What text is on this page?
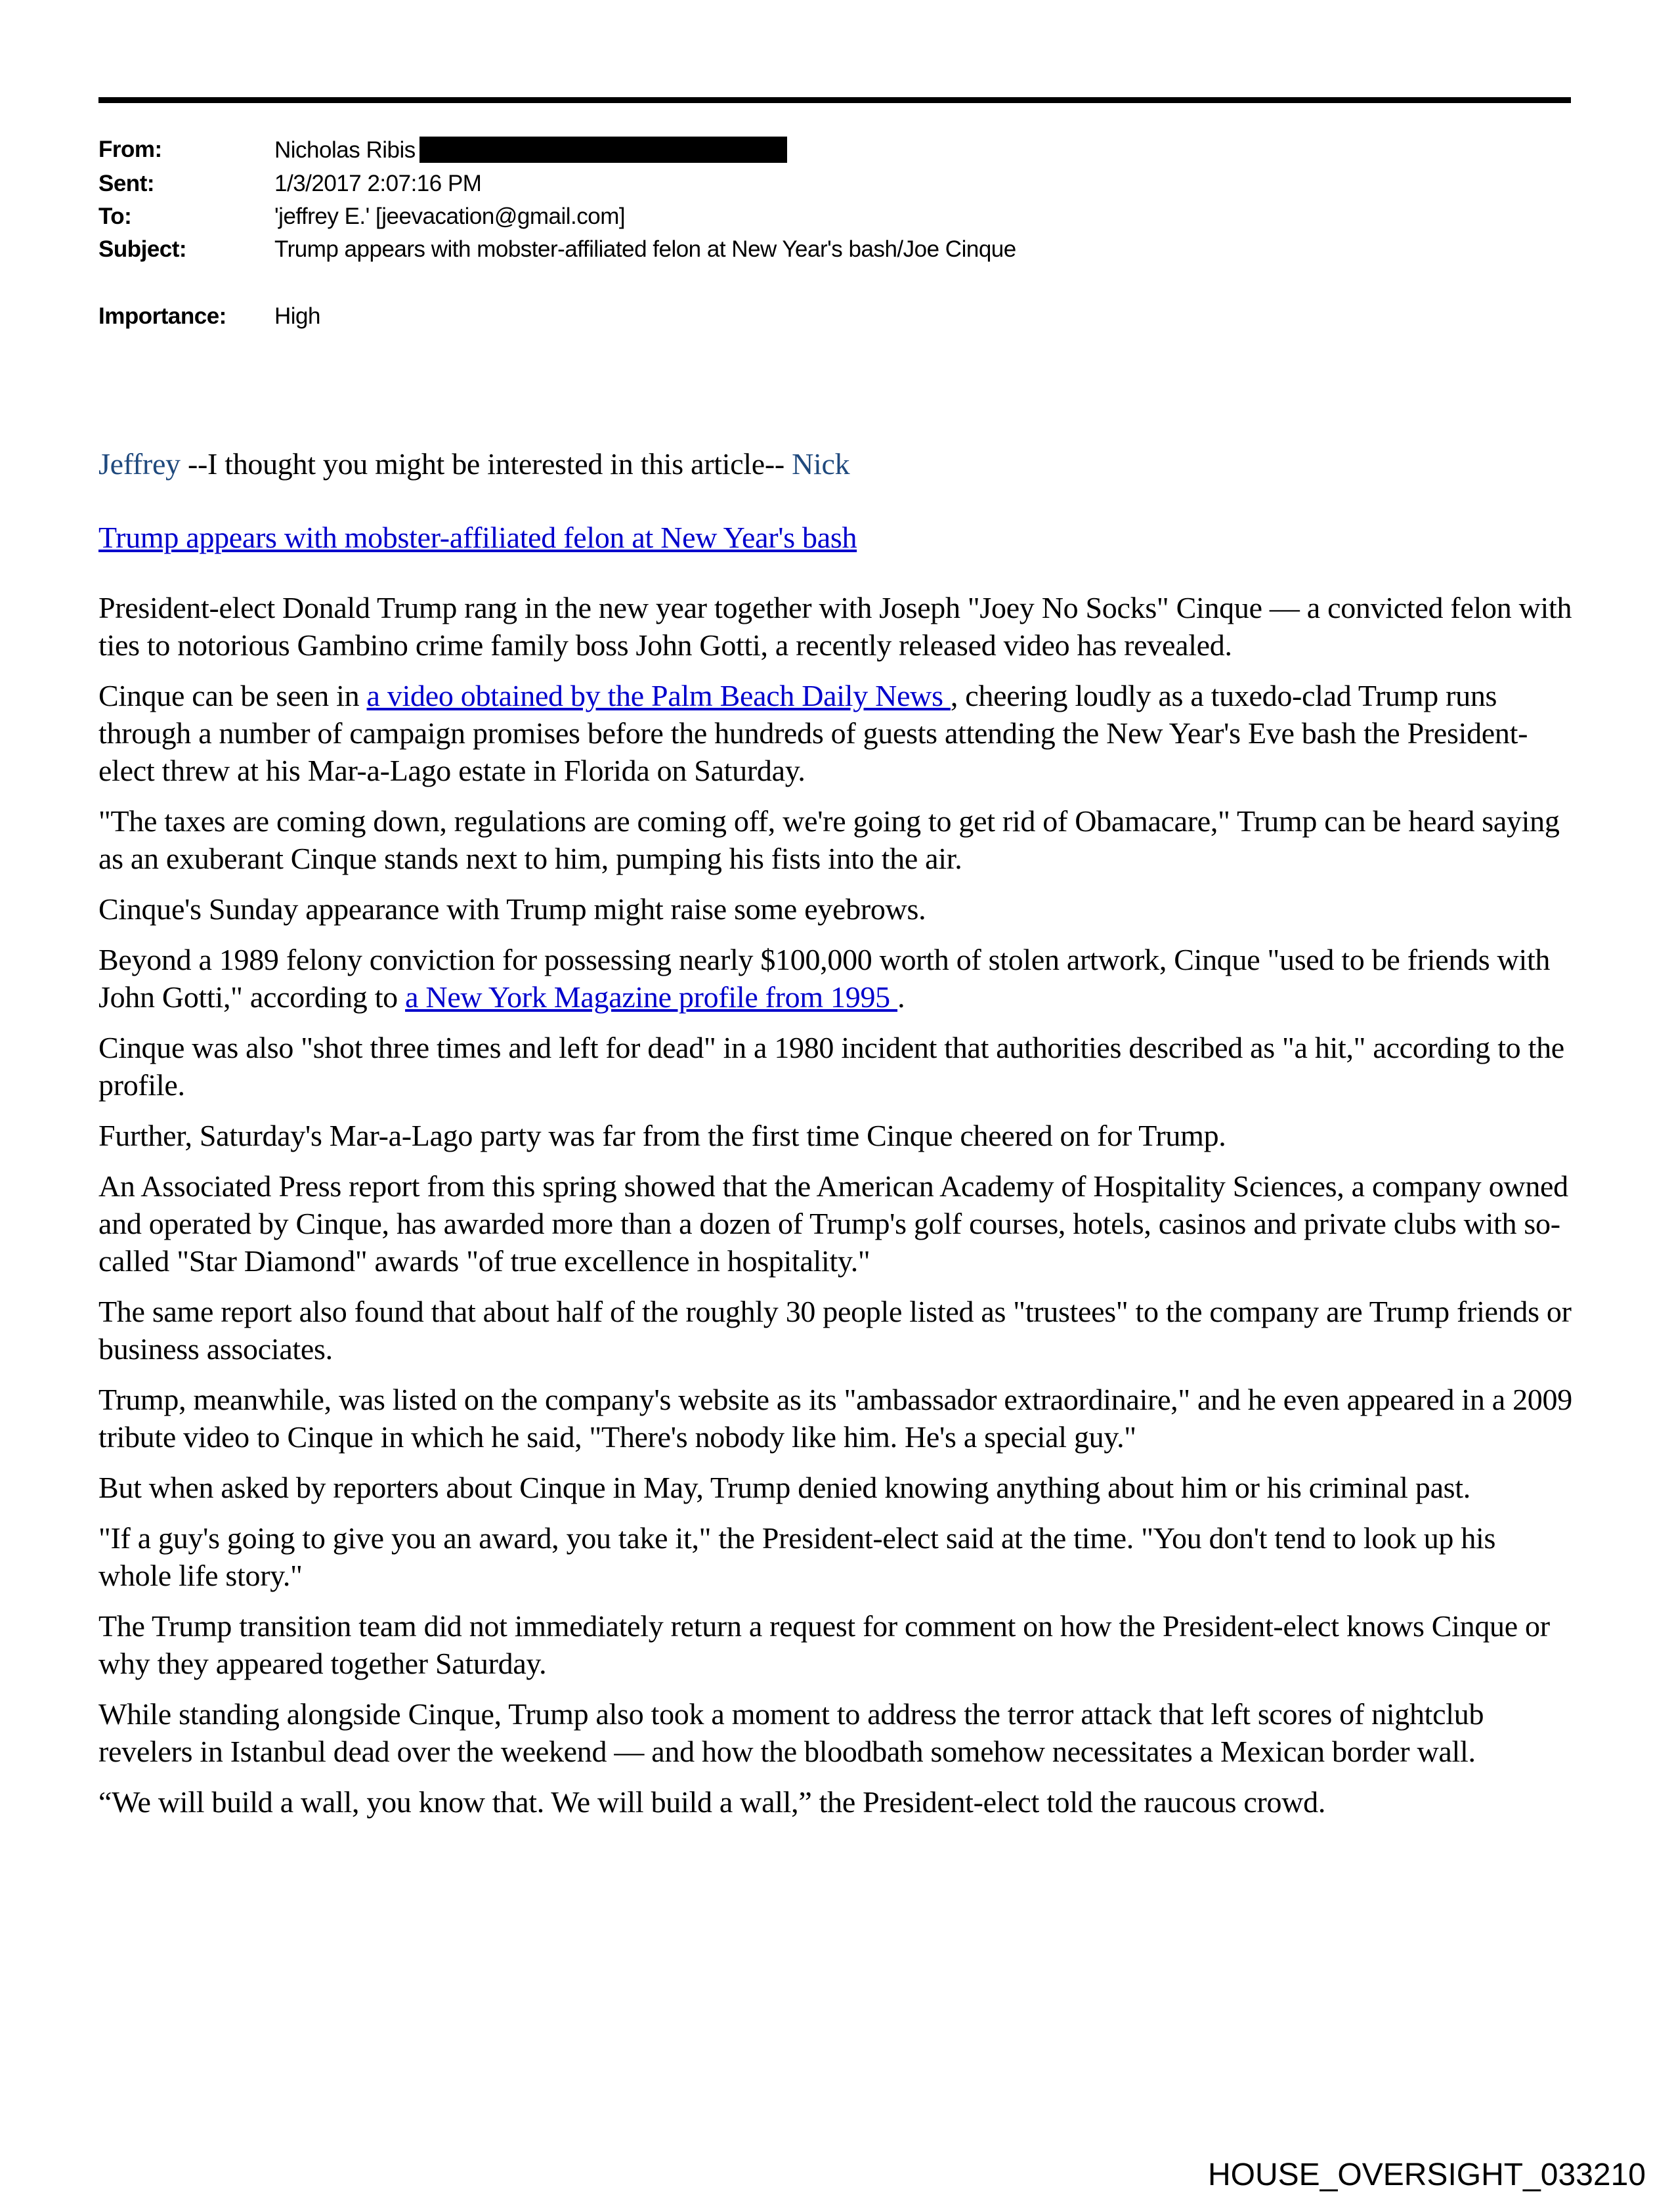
From:	Nicholas Ribis
Sent:	1/3/2017 2:07:16 PM
To:	'jeffrey E.' [jeevacation@gmail.com]
Subject:	Trump appears with mobster-affiliated felon at New Year's bash/Joe Cinque
Importance: High

Jeffrey --I thought you might be interested in this article-- Nick

Trump appears with mobster-affiliated felon at New Year's bash

President-elect Donald Trump rang in the new year together with Joseph "Joey No Socks" Cinque — a convicted felon with ties to notorious Gambino crime family boss John Gotti, a recently released video has revealed.

Cinque can be seen in a video obtained by the Palm Beach Daily News , cheering loudly as a tuxedo-clad Trump runs through a number of campaign promises before the hundreds of guests attending the New Year's Eve bash the President-elect threw at his Mar-a-Lago estate in Florida on Saturday.

"The taxes are coming down, regulations are coming off, we're going to get rid of Obamacare," Trump can be heard saying as an exuberant Cinque stands next to him, pumping his fists into the air.

Cinque's Sunday appearance with Trump might raise some eyebrows.

Beyond a 1989 felony conviction for possessing nearly $100,000 worth of stolen artwork, Cinque "used to be friends with John Gotti," according to a New York Magazine profile from 1995 .

Cinque was also "shot three times and left for dead" in a 1980 incident that authorities described as "a hit," according to the profile.

Further, Saturday's Mar-a-Lago party was far from the first time Cinque cheered on for Trump.

An Associated Press report from this spring showed that the American Academy of Hospitality Sciences, a company owned and operated by Cinque, has awarded more than a dozen of Trump's golf courses, hotels, casinos and private clubs with so-called "Star Diamond" awards "of true excellence in hospitality."

The same report also found that about half of the roughly 30 people listed as "trustees" to the company are Trump friends or business associates.

Trump, meanwhile, was listed on the company's website as its "ambassador extraordinaire," and he even appeared in a 2009 tribute video to Cinque in which he said, "There's nobody like him. He's a special guy."

But when asked by reporters about Cinque in May, Trump denied knowing anything about him or his criminal past.

"If a guy's going to give you an award, you take it," the President-elect said at the time. "You don't tend to look up his whole life story."

The Trump transition team did not immediately return a request for comment on how the President-elect knows Cinque or why they appeared together Saturday.

While standing alongside Cinque, Trump also took a moment to address the terror attack that left scores of nightclub revelers in Istanbul dead over the weekend — and how the bloodbath somehow necessitates a Mexican border wall.

“We will build a wall, you know that. We will build a wall,” the President-elect told the raucous crowd.

HOUSE_OVERSIGHT_033210
